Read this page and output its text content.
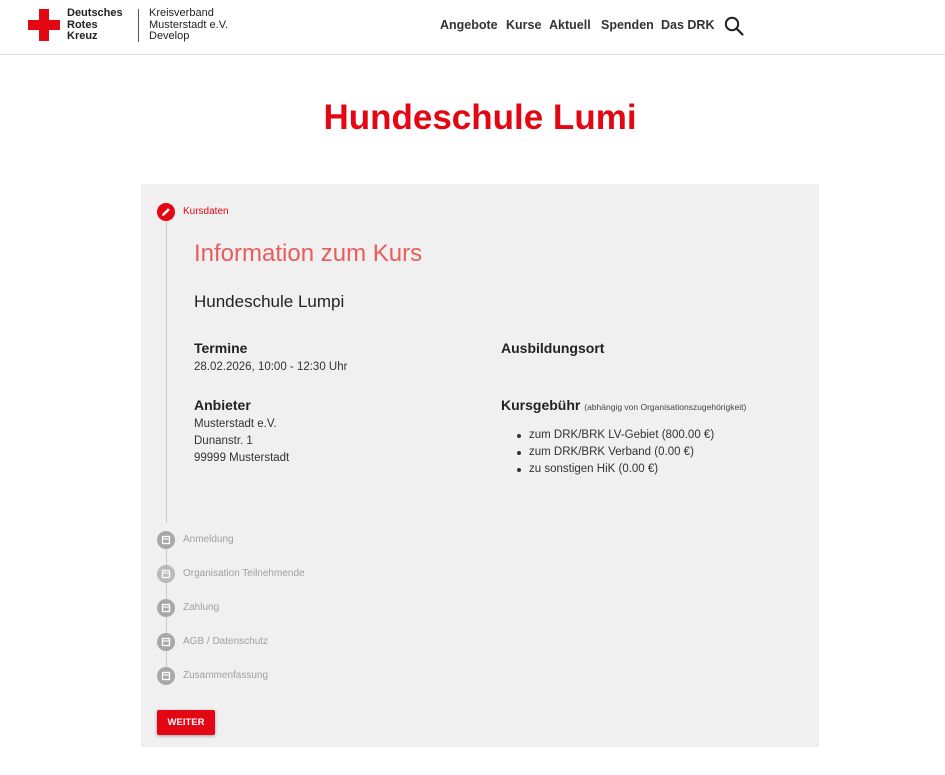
Deutsches
Rotes
Kreuz
Kreisverband
Musterstadt e.V.
Develop
Angebote Kurse Aktuell Spenden Das DRK
Hundeschule Lumi
Kursdaten
Information zum Kurs
Hundeschule Lumpi
Termine
28.02.2026, 10:00 - 12:30 Uhr
Anbieter
Musterstadt e.V.
Dunanstr. 1
99999 Musterstadt
Ausbildungsort
Kursgebühr (abhängig von Organisationszugehörigkeit)
zum DRK/BRK LV-Gebiet (800.00 €)
zum DRK/BRK Verband (0.00 €)
zu sonstigen HiK (0.00 €)
Anmeldung
Organisation Teilnehmende
Zahlung
AGB / Datenschutz
Zusammenfassung
WEITER
